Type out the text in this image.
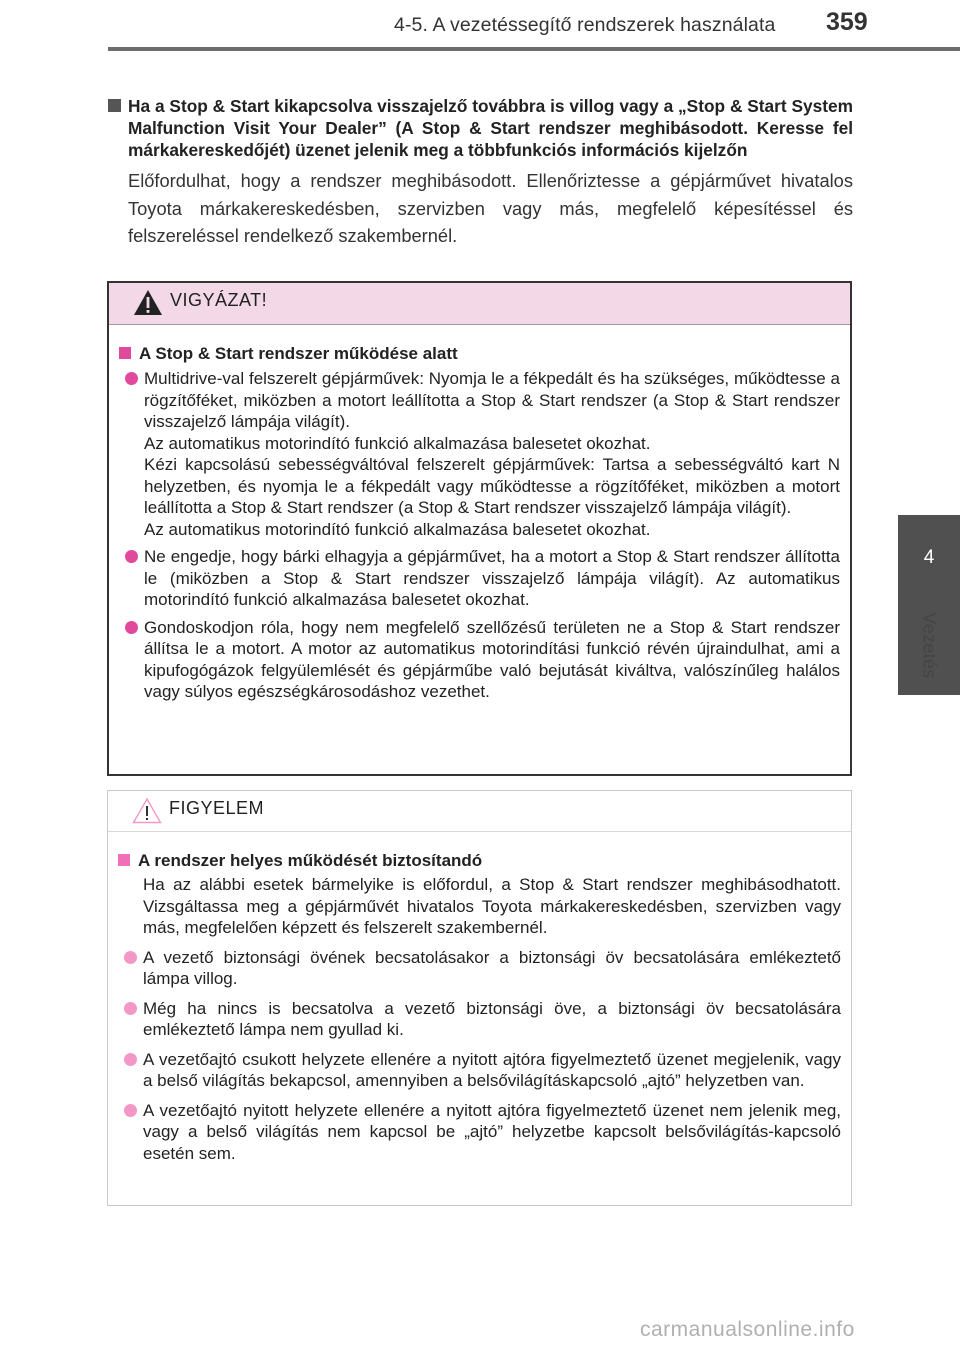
4-5. A vezetéssegítő rendszerek használata	359
4
Vezetés
Ha a Stop & Start kikapcsolva visszajelző továbbra is villog vagy a „Stop & Start System Malfunction Visit Your Dealer” (A Stop & Start rendszer meghibásodott. Keresse fel márkakereskedőjét) üzenet jelenik meg a többfunkciós információs kijelzőn
Előfordulhat, hogy a rendszer meghibásodott. Ellenőriztesse a gépjárművet hivatalos Toyota márkakereskedésben, szervizben vagy más, megfelelő képesítéssel és felszereléssel rendelkező szakembernél.
VIGYÁZAT!
A Stop & Start rendszer működése alatt
Multidrive-val felszerelt gépjárművek: Nyomja le a fékpedált és ha szükséges, működtesse a rögzítőféket, miközben a motort leállította a Stop & Start rendszer (a Stop & Start rendszer visszajelző lámpája világít).
Az automatikus motorindító funkció alkalmazása balesetet okozhat.
Kézi kapcsolású sebességváltóval felszerelt gépjárművek: Tartsa a sebességváltó kart N helyzetben, és nyomja le a fékpedált vagy működtesse a rögzítőféket, miközben a motort leállította a Stop & Start rendszer (a Stop & Start rendszer visszajelző lámpája világít).
Az automatikus motorindító funkció alkalmazása balesetet okozhat.
Ne engedje, hogy bárki elhagyja a gépjárművet, ha a motort a Stop & Start rendszer állította le (miközben a Stop & Start rendszer visszajelző lámpája világít). Az automatikus motorindító funkció alkalmazása balesetet okozhat.
Gondoskodjon róla, hogy nem megfelelő szellőzésű területen ne a Stop & Start rendszer állítsa le a motort. A motor az automatikus motorindítási funkció révén újraindulhat, ami a kipufogógázok felgyülemlését és gépjárműbe való bejutását kiváltva, valószínűleg halálos vagy súlyos egészségkárosodáshoz vezethet.
FIGYELEM
A rendszer helyes működését biztosítandó
Ha az alábbi esetek bármelyike is előfordul, a Stop & Start rendszer meghibásodhatott. Vizsgáltassa meg a gépjárművét hivatalos Toyota márkakereskedésben, szervizben vagy más, megfelelően képzett és felszerelt szakembernél.
A vezető biztonsági övének becsatolásakor a biztonsági öv becsatolására emlékeztető lámpa villog.
Még ha nincs is becsatolva a vezető biztonsági öve, a biztonsági öv becsatolására emlékeztető lámpa nem gyullad ki.
A vezetőajtó csukott helyzete ellenére a nyitott ajtóra figyelmeztető üzenet megjelenik, vagy a belső világítás bekapcsol, amennyiben a belsővilágításkapcsoló „ajtó” helyzetben van.
A vezetőajtó nyitott helyzete ellenére a nyitott ajtóra figyelmeztető üzenet nem jelenik meg, vagy a belső világítás nem kapcsol be „ajtó” helyzetbe kapcsolt belsővilágítás-kapcsoló esetén sem.
carmanualsonline.info
